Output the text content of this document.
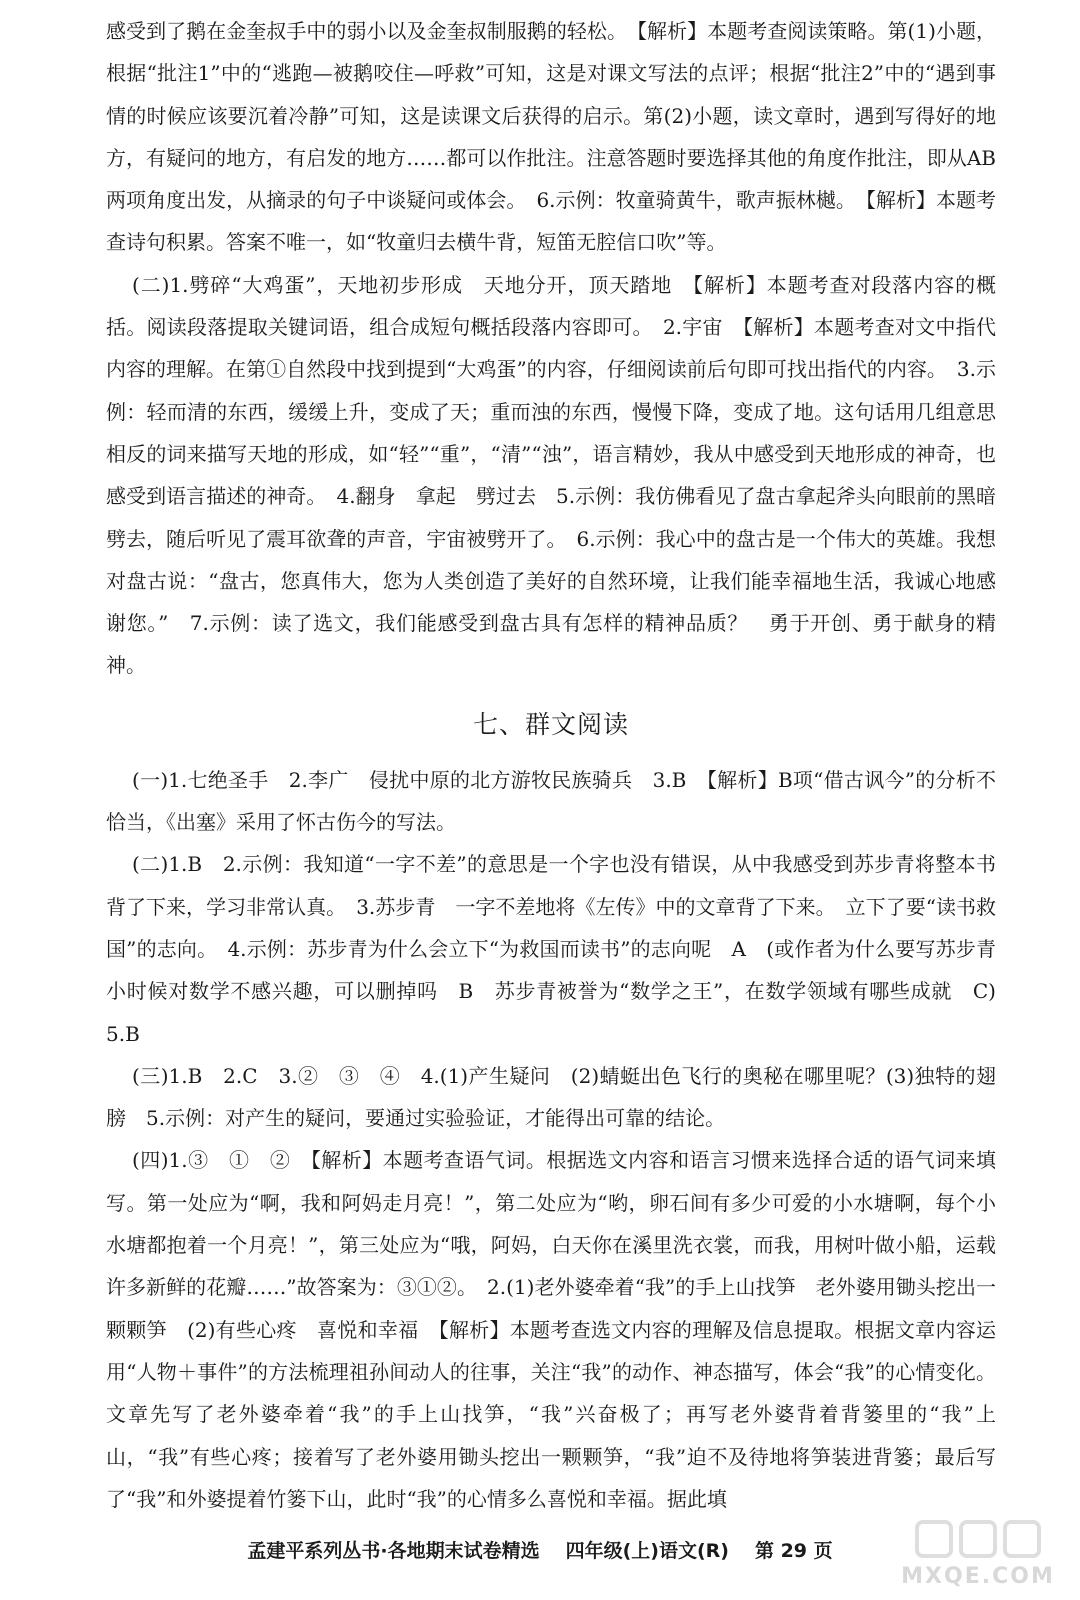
感受到了鹅在金奎叔手中的弱小以及金奎叔制服鹅的轻松。　【解析】本题考查阅读策略。第(1)小题，根据“批注1”中的“逃跑—被鹅咬住—呼救”可知，这是对课文写法的点评；根据“批注2”中的“遇到事情的时候应该要沉着冷静”可知，这是读课文后获得的启示。第(2)小题，读文章时，遇到写得好的地方，有疑问的地方，有启发的地方……都可以作批注。注意答题时要选择其他的角度作批注，即从AB两项角度出发，从摘录的句子中谈疑问或体会。　6.示例：牧童骑黄牛，歌声振林樾。　【解析】本题考查诗句积累。答案不唯一，如“牧童归去横牛背，短笛无腔信口吹”等。

(二)1.劈碎“大鸡蛋”，天地初步形成　天地分开，顶天踏地　【解析】本题考查对段落内容的概括。阅读段落提取关键词语，组合成短句概括段落内容即可。　2.宇宙　【解析】本题考查对文中指代内容的理解。在第①自然段中找到提到“大鸡蛋”的内容，仔细阅读前后句即可找出指代的内容。　3.示例：轻而清的东西，缓缓上升，变成了天；重而浊的东西，慢慢下降，变成了地。这句话用几组意思相反的词来描写天地的形成，如“轻”“重”，“清”“浊”，语言精妙，我从中感受到天地形成的神奇，也感受到语言描述的神奇。　4.翻身　拿起　劈过去　5.示例：我仿佛看见了盘古拿起斧头向眼前的黑暗劈去，随后听见了震耳欲聋的声音，宇宙被劈开了。　6.示例：我心中的盘古是一个伟大的英雄。我想对盘古说：“盘古，您真伟大，您为人类创造了美好的自然环境，让我们能幸福地生活，我诚心地感谢您。”　7.示例：读了选文，我们能感受到盘古具有怎样的精神品质？　勇于开创、勇于献身的精神。

七、群文阅读

(一)1.七绝圣手　2.李广　侵扰中原的北方游牧民族骑兵　3.B　【解析】B项“借古讽今”的分析不恰当，《出塞》采用了怀古伤今的写法。

(二)1.B　2.示例：我知道“一字不差”的意思是一个字也没有错误，从中我感受到苏步青将整本书背了下来，学习非常认真。　3.苏步青　一字不差地将《左传》中的文章背了下来。　立下了要“读书救国”的志向。　4.示例：苏步青为什么会立下“为救国而读书”的志向呢　A　(或作者为什么要写苏步青小时候对数学不感兴趣，可以删掉吗　B　苏步青被誉为“数学之王”，在数学领域有哪些成就　C)　5.B

(三)1.B　2.C　3.②　③　④　4.(1)产生疑问　(2)蜻蜓出色飞行的奥秘在哪里呢？(3)独特的翅膀　5.示例：对产生的疑问，要通过实验验证，才能得出可靠的结论。

(四)1.③　①　②　【解析】本题考查语气词。根据选文内容和语言习惯来选择合适的语气词来填写。第一处应为“啊，我和阿妈走月亮！”，第二处应为“哟，卵石间有多少可爱的小水塘啊，每个小水塘都抱着一个月亮！”，第三处应为“哦，阿妈，白天你在溪里洗衣裳，而我，用树叶做小船，运载许多新鲜的花瓣……”故答案为：③①②。　2.(1)老外婆牵着“我”的手上山找笋　老外婆用锄头挖出一颗颗笋　(2)有些心疼　喜悦和幸福　【解析】本题考查选文内容的理解及信息提取。根据文章内容运用“人物＋事件”的方法梳理祖孙间动人的往事，关注“我”的动作、神态描写，体会“我”的心情变化。文章先写了老外婆牵着“我”的手上山找笋，“我”兴奋极了；再写老外婆背着背篓里的“我”上山，“我”有些心疼；接着写了老外婆用锄头挖出一颗颗笋，“我”迫不及待地将笋装进背篓；最后写了“我”和外婆提着竹篓下山，此时“我”的心情多么喜悦和幸福。据此填

孟建平系列丛书·各地期末试卷精选 四年级(上)语文(R) 第 29 页
MXQE.COM
